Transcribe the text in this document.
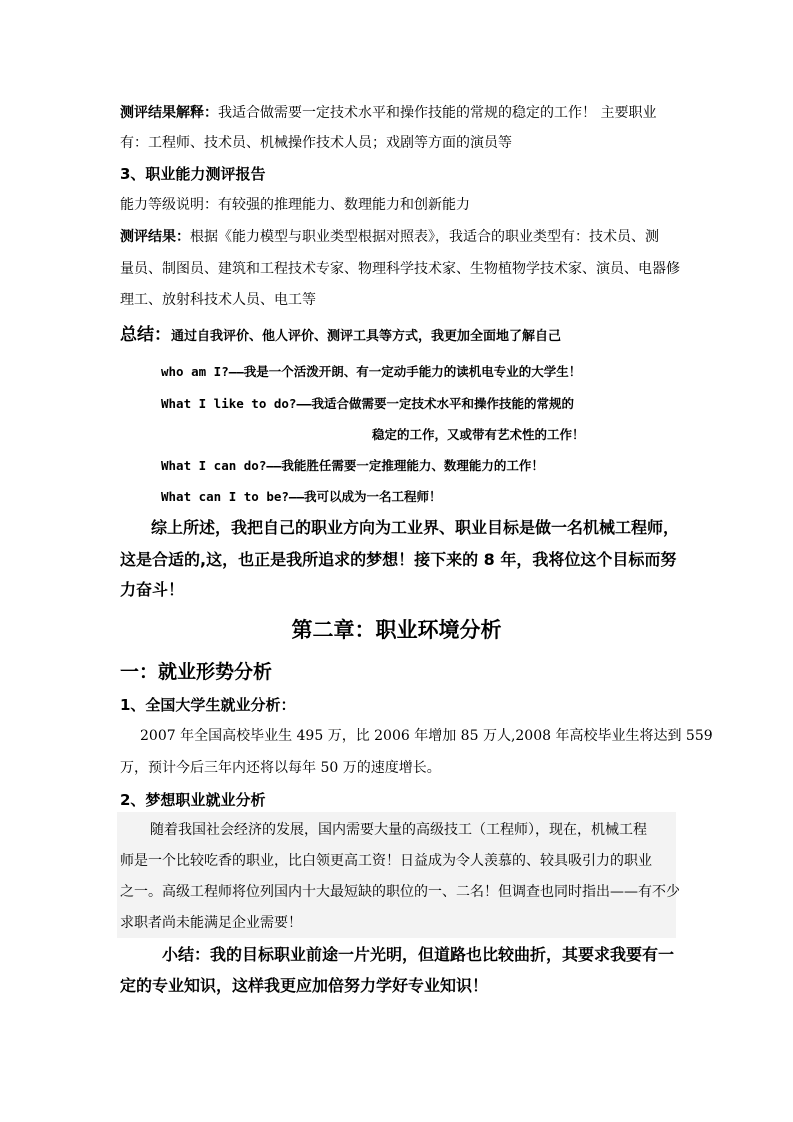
测评结果解释：我适合做需要一定技术水平和操作技能的常规的稳定的工作！ 主要职业
有：工程师、技术员、机械操作技术人员；戏剧等方面的演员等
3、职业能力测评报告
能力等级说明：有较强的推理能力、数理能力和创新能力
测评结果：根据《能力模型与职业类型根据对照表》，我适合的职业类型有：技术员、测
量员、制图员、建筑和工程技术专家、物理科学技术家、生物植物学技术家、演员、电器修
理工、放射科技术人员、电工等
总结：通过自我评价、他人评价、测评工具等方式，我更加全面地了解自己
who am I?——我是一个活泼开朗、有一定动手能力的读机电专业的大学生！
What I like to do?——我适合做需要一定技术水平和操作技能的常规的
稳定的工作，又或带有艺术性的工作！
What I can do?——我能胜任需要一定推理能力、数理能力的工作！
What can I to be?——我可以成为一名工程师！
综上所述，我把自己的职业方向为工业界、职业目标是做一名机械工程师，
这是合适的,这，也正是我所追求的梦想！接下来的 8 年，我将位这个目标而努
力奋斗！
第二章：职业环境分析
一：就业形势分析
1、全国大学生就业分析：
2007 年全国高校毕业生 495 万，比 2006 年增加 85 万人,2008 年高校毕业生将达到 559
万，预计今后三年内还将以每年 50 万的速度增长。
2、梦想职业就业分析
随着我国社会经济的发展，国内需要大量的高级技工（工程师），现在，机械工程
师是一个比较吃香的职业，比白领更高工资！日益成为令人羡慕的、较具吸引力的职业
之一。高级工程师将位列国内十大最短缺的职位的一、二名！但调查也同时指出——有不少
求职者尚未能满足企业需要！
小结：我的目标职业前途一片光明，但道路也比较曲折，其要求我要有一
定的专业知识，这样我更应加倍努力学好专业知识！
